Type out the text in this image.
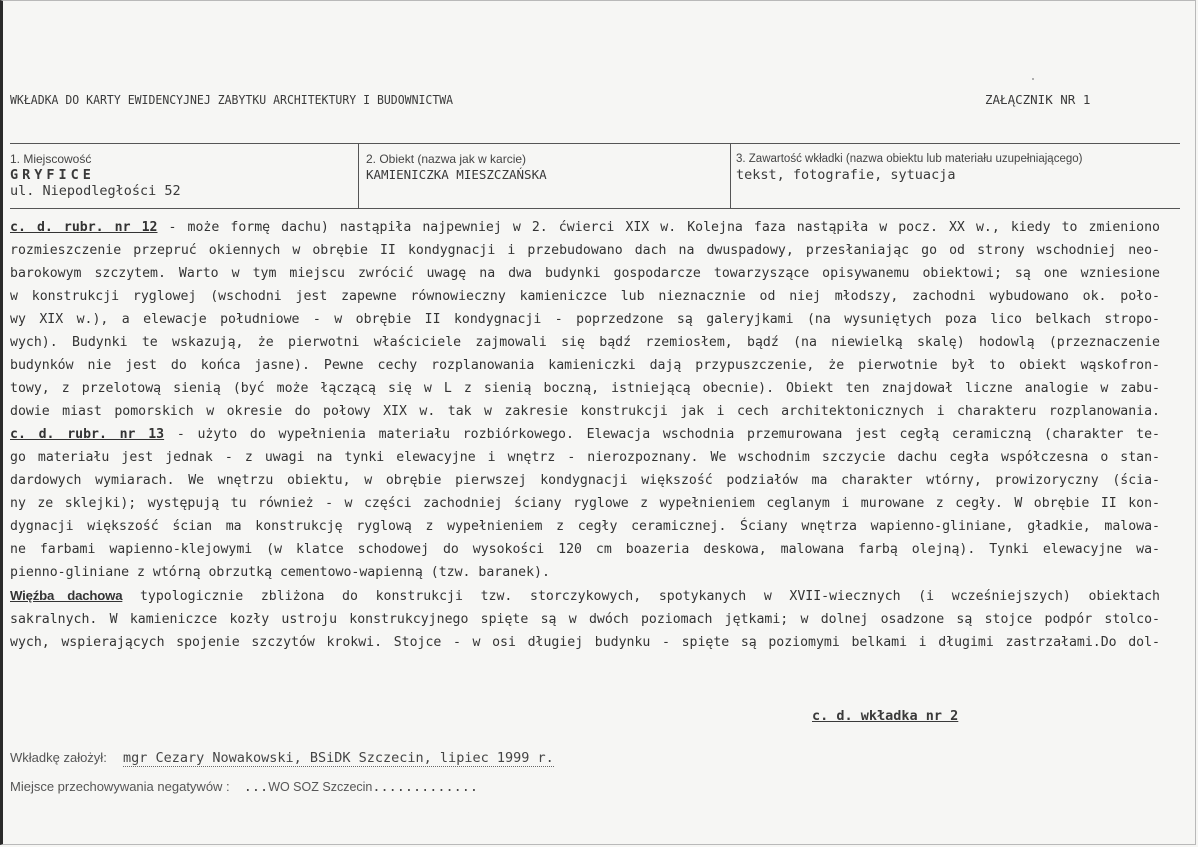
WKŁADKA DO KARTY EWIDENCYJNEJ ZABYTKU ARCHITEKTURY I BUDOWNICTWA	ZAŁĄCZNIK NR 1
1. Miejscowość
GRYFICE
ul. Niepodległości 52
2. Obiekt (nazwa jak w karcie)
KAMIENICZKA MIESZCZAŃSKA
3. Zawartość wkładki (nazwa obiektu lub materiału uzupełniającego)
tekst, fotografie, sytuacja
c. d. rubr. nr 12 - może formę dachu) nastąpiła najpewniej w 2. ćwierci XIX w. Kolejna faza nastąpiła w pocz. XX w., kiedy to zmieniono
rozmieszczenie przepruć okiennych w obrębie II kondygnacji i przebudowano dach na dwuspadowy, przesłaniając go od strony wschodniej neo-
barokowym szczytem. Warto w tym miejscu zwrócić uwagę na dwa budynki gospodarcze towarzyszące opisywanemu obiektowi; są one wzniesione
w konstrukcji ryglowej (wschodni jest zapewne równowieczny kamieniczce lub nieznacznie od niej młodszy, zachodni wybudowano ok. poło-
wy XIX w.), a elewacje południowe - w obrębie II kondygnacji - poprzedzone są galeryjkami (na wysuniętych poza lico belkach stropo-
wych). Budynki te wskazują, że pierwotni właściciele zajmowali się bądź rzemiosłem, bądź (na niewielką skalę) hodowlą (przeznaczenie
budynków nie jest do końca jasne). Pewne cechy rozplanowania kamieniczki dają przypuszczenie, że pierwotnie był to obiekt wąskofron-
towy, z przelotową sienią (być może łączącą się w L z sienią boczną, istniejącą obecnie). Obiekt ten znajdował liczne analogie w zabu-
dowie miast pomorskich w okresie do połowy XIX w. tak w zakresie konstrukcji jak i cech architektonicznych i charakteru rozplanowania.
c. d. rubr. nr 13 - użyto do wypełnienia materiału rozbiórkowego. Elewacja wschodnia przemurowana jest cegłą ceramiczną (charakter te-
go materiału jest jednak - z uwagi na tynki elewacyjne i wnętrz - nierozpoznany. We wschodnim szczycie dachu cegła współczesna o stan-
dardowych wymiarach. We wnętrzu obiektu, w obrębie pierwszej kondygnacji większość podziałów ma charakter wtórny, prowizoryczny (ścia-
ny ze sklejki); występują tu również - w części zachodniej ściany ryglowe z wypełnieniem ceglanym i murowane z cegły. W obrębie II kon-
dygnacji większość ścian ma konstrukcję ryglową z wypełnieniem z cegły ceramicznej. Ściany wnętrza wapienno-gliniane, gładkie, malowa-
ne farbami wapienno-klejowymi (w klatce schodowej do wysokości 120 cm boazeria deskowa, malowana farbą olejną). Tynki elewacyjne wa-
pienno-gliniane z wtórną obrzutką cementowo-wapienną (tzw. baranek).
Więźba dachowa typologicznie zbliżona do konstrukcji tzw. storczykowych, spotykanych w XVII-wiecznych (i wcześniejszych) obiektach
sakralnych. W kamieniczce kozły ustroju konstrukcyjnego spięte są w dwóch poziomach jętkami; w dolnej osadzone są stojce podpór stolco-
wych, wspierających spojenie szczytów krokwi. Stojce - w osi długiej budynku - spięte są poziomymi belkami i długimi zastrzałami.Do dol-
c. d. wkładka nr 2
Wkładkę założył: mgr Cezary Nowakowski, BSiDK Szczecin, lipiec 1999 r.
Miejsce przechowywania negatywów : ...WO SOZ Szczecin.............
